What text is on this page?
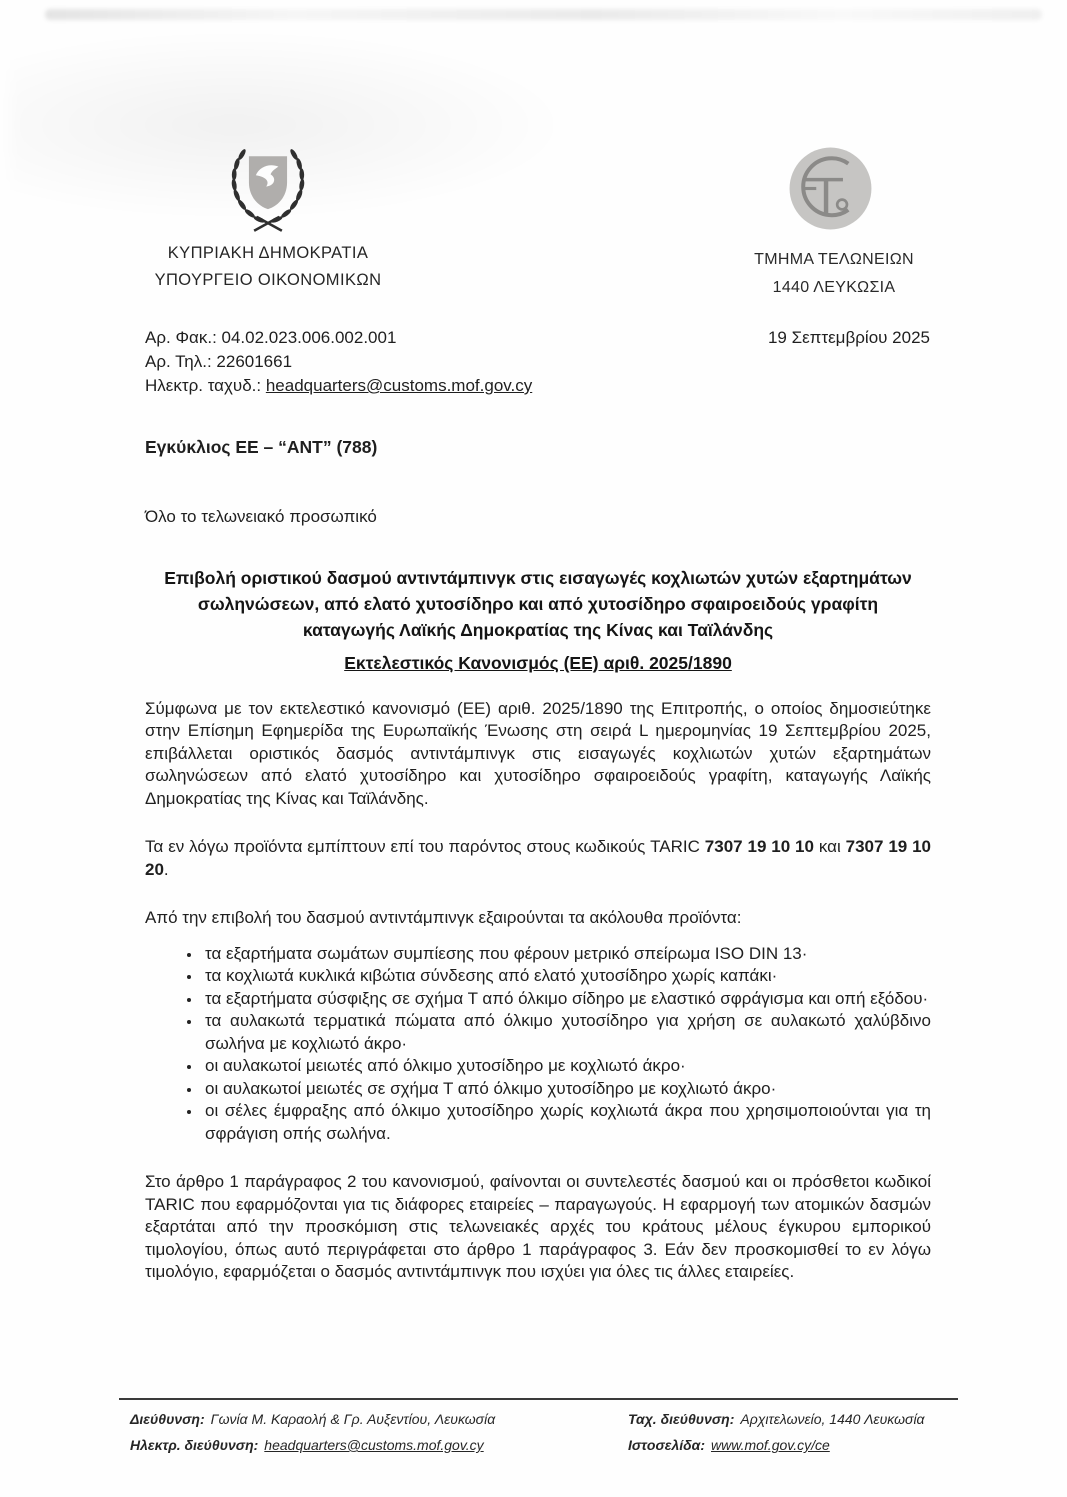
ΚΥΠΡΙΑΚΗ ΔΗΜΟΚΡΑΤΙΑ
ΥΠΟΥΡΓΕΙΟ ΟΙΚΟΝΟΜΙΚΩΝ
ΤΜΗΜΑ ΤΕΛΩΝΕΙΩΝ
1440 ΛΕΥΚΩΣΙΑ
Αρ. Φακ.: 04.02.023.006.002.001
Αρ. Τηλ.: 22601661
Ηλεκτρ. ταχυδ.: headquarters@customs.mof.gov.cy
19 Σεπτεμβρίου 2025
Εγκύκλιος ΕΕ – “ΑΝΤ” (788)
Όλο το τελωνειακό προσωπικό
Επιβολή οριστικού δασμού αντιντάμπινγκ στις εισαγωγές κοχλιωτών χυτών εξαρτημάτων σωληνώσεων, από ελατό χυτοσίδηρο και από χυτοσίδηρο σφαιροειδούς γραφίτη καταγωγής Λαϊκής Δημοκρατίας της Κίνας και Ταϊλάνδης
Εκτελεστικός Κανονισμός (ΕΕ) αριθ. 2025/1890

Σύμφωνα με τον εκτελεστικό κανονισμό (ΕΕ) αριθ. 2025/1890 της Επιτροπής, ο οποίος δημοσιεύτηκε στην Επίσημη Εφημερίδα της Ευρωπαϊκής Ένωσης στη σειρά L ημερομηνίας 19 Σεπτεμβρίου 2025, επιβάλλεται οριστικός δασμός αντιντάμπινγκ στις εισαγωγές κοχλιωτών χυτών εξαρτημάτων σωληνώσεων από ελατό χυτοσίδηρο και χυτοσίδηρο σφαιροειδούς γραφίτη, καταγωγής Λαϊκής Δημοκρατίας της Κίνας και Ταϊλάνδης.

Τα εν λόγω προϊόντα εμπίπτουν επί του παρόντος στους κωδικούς TARIC 7307 19 10 10 και 7307 19 10 20.

Από την επιβολή του δασμού αντιντάμπινγκ εξαιρούνται τα ακόλουθα προϊόντα:

• τα εξαρτήματα σωμάτων συμπίεσης που φέρουν μετρικό σπείρωμα ISO DIN 13·
• τα κοχλιωτά κυκλικά κιβώτια σύνδεσης από ελατό χυτοσίδηρο χωρίς καπάκι·
• τα εξαρτήματα σύσφιξης σε σχήμα Τ από όλκιμο σίδηρο με ελαστικό σφράγισμα και οπή εξόδου·
• τα αυλακωτά τερματικά πώματα από όλκιμο χυτοσίδηρο για χρήση σε αυλακωτό χαλύβδινο σωλήνα με κοχλιωτό άκρο·
• οι αυλακωτοί μειωτές από όλκιμο χυτοσίδηρο με κοχλιωτό άκρο·
• οι αυλακωτοί μειωτές σε σχήμα Τ από όλκιμο χυτοσίδηρο με κοχλιωτό άκρο·
• οι σέλες έμφραξης από όλκιμο χυτοσίδηρο χωρίς κοχλιωτά άκρα που χρησιμοποιούνται για τη σφράγιση οπής σωλήνα.

Στο άρθρο 1 παράγραφος 2 του κανονισμού, φαίνονται οι συντελεστές δασμού και οι πρόσθετοι κωδικοί TARIC που εφαρμόζονται για τις διάφορες εταιρείες – παραγωγούς. Η εφαρμογή των ατομικών δασμών εξαρτάται από την προσκόμιση στις τελωνειακές αρχές του κράτους μέλους έγκυρου εμπορικού τιμολογίου, όπως αυτό περιγράφεται στο άρθρο 1 παράγραφος 3. Εάν δεν προσκομισθεί το εν λόγω τιμολόγιο, εφαρμόζεται ο δασμός αντιντάμπινγκ που ισχύει για όλες τις άλλες εταιρείες.

Διεύθυνση: Γωνία Μ. Καραολή & Γρ. Αυξεντίου, Λευκωσία	Ταχ. διεύθυνση: Αρχιτελωνείο, 1440 Λευκωσία
Ηλεκτρ. διεύθυνση: headquarters@customs.mof.gov.cy	Ιστοσελίδα: www.mof.gov.cy/ce
